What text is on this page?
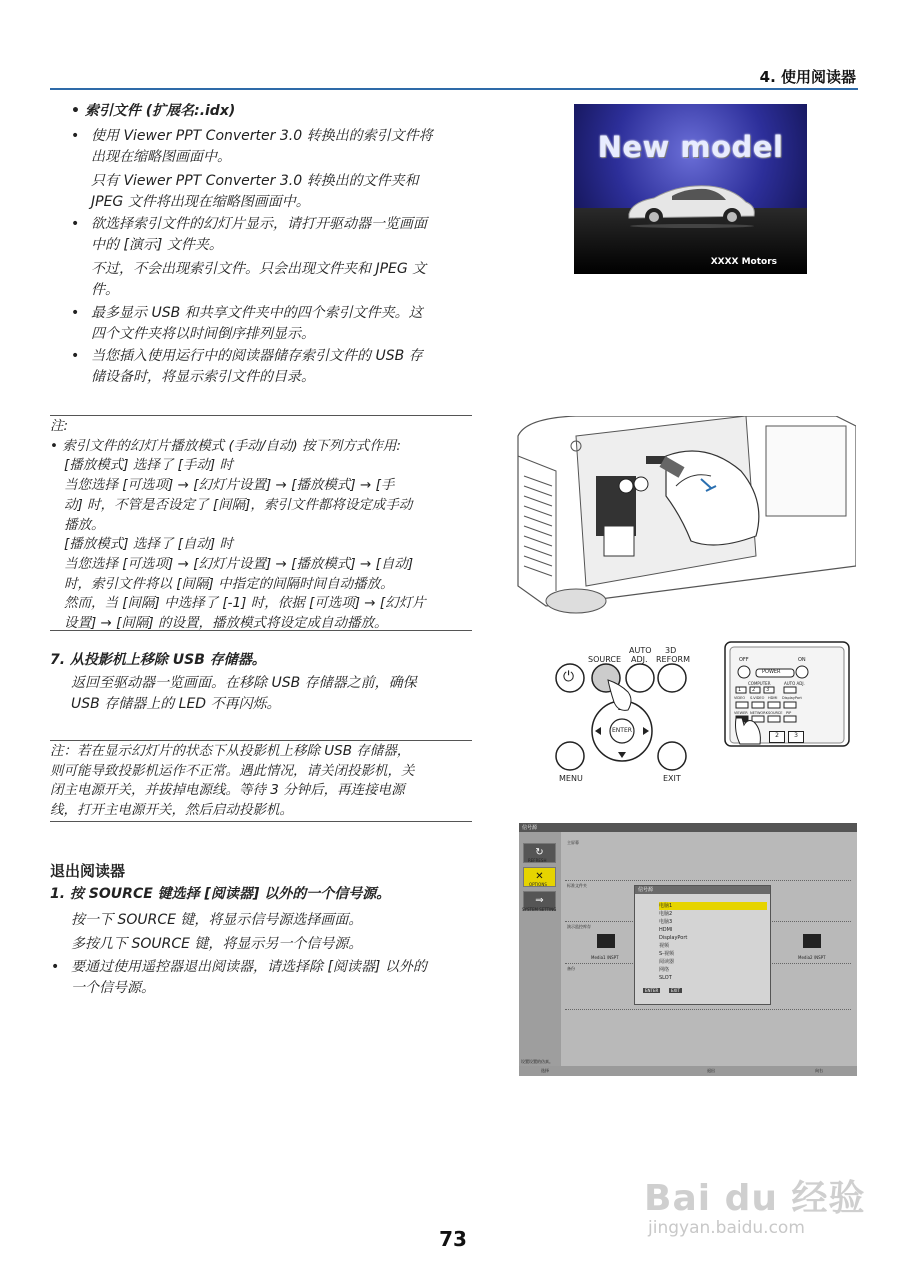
4. 使用阅读器
• 索引文件 (扩展名:.idx)
• 使用 Viewer PPT Converter 3.0 转换出的索引文件将
出现在缩略图画面中。
只有 Viewer PPT Converter 3.0 转换出的文件夹和
JPEG 文件将出现在缩略图画面中。
• 欲选择索引文件的幻灯片显示，请打开驱动器一览画面
中的 [演示] 文件夹。
不过，不会出现索引文件。只会出现文件夹和 JPEG 文
件。
• 最多显示 USB 和共享文件夹中的四个索引文件夹。这
四个文件夹将以时间倒序排列显示。
• 当您插入使用运行中的阅读器储存索引文件的 USB 存
储设备时，将显示索引文件的目录。
注:
• 索引文件的幻灯片播放模式 (手动/自动) 按下列方式作用:
[播放模式] 选择了 [手动] 时
当您选择 [可选项] → [幻灯片设置] → [播放模式] → [手
动] 时，不管是否设定了 [间隔]，索引文件都将设定成手动
播放。
[播放模式] 选择了 [自动] 时
当您选择 [可选项] → [幻灯片设置] → [播放模式] → [自动]
时，索引文件将以 [间隔] 中指定的间隔时间自动播放。
然而，当 [间隔] 中选择了 [-1] 时，依据 [可选项] → [幻灯片
设置] → [间隔] 的设置，播放模式将设定成自动播放。
7. 从投影机上移除 USB 存储器。
返回至驱动器一览画面。在移除 USB 存储器之前，确保
USB 存储器上的 LED 不再闪烁。
注：若在显示幻灯片的状态下从投影机上移除 USB 存储器，
则可能导致投影机运作不正常。遇此情况，请关闭投影机，关
闭主电源开关，并拔掉电源线。等待 3 分钟后，再连接电源
线，打开主电源开关，然后启动投影机。
退出阅读器
1. 按 SOURCE 键选择 [阅读器] 以外的一个信号源。
按一下 SOURCE 键，将显示信号源选择画面。
多按几下 SOURCE 键，将显示另一个信号源。
• 要通过使用遥控器退出阅读器，请选择除 [阅读器] 以外的
一个信号源。
New model
XXXX Motors
⏻
SOURCE
AUTO
ADJ.
3D
REFORM
ENTER
MENU	EXIT
OFF	ON
POWER
COMPUTER	AUTO ADJ.
1 2 3
VIDEO S-VIDEO HDMI DisplayPort
VIEWER NETWORK SOURCE PIP
2	3
信号源
↻
REFRESH
✕
OPTIONS
⇒
SYSTEM SETTING
主屏幕
标准文件夹
演示监控库存
备份
Media1 \NSPT	Media2 \NSPT
信号源
电脑1
电脑2
电脑3
HDMI
DisplayPort
视频
S-视频
阅读器
网络
SLOT
ENTER	EXIT
设置设置的仿真。
选择	退出	向右
Bai du 经验
jingyan.baidu.com
73
